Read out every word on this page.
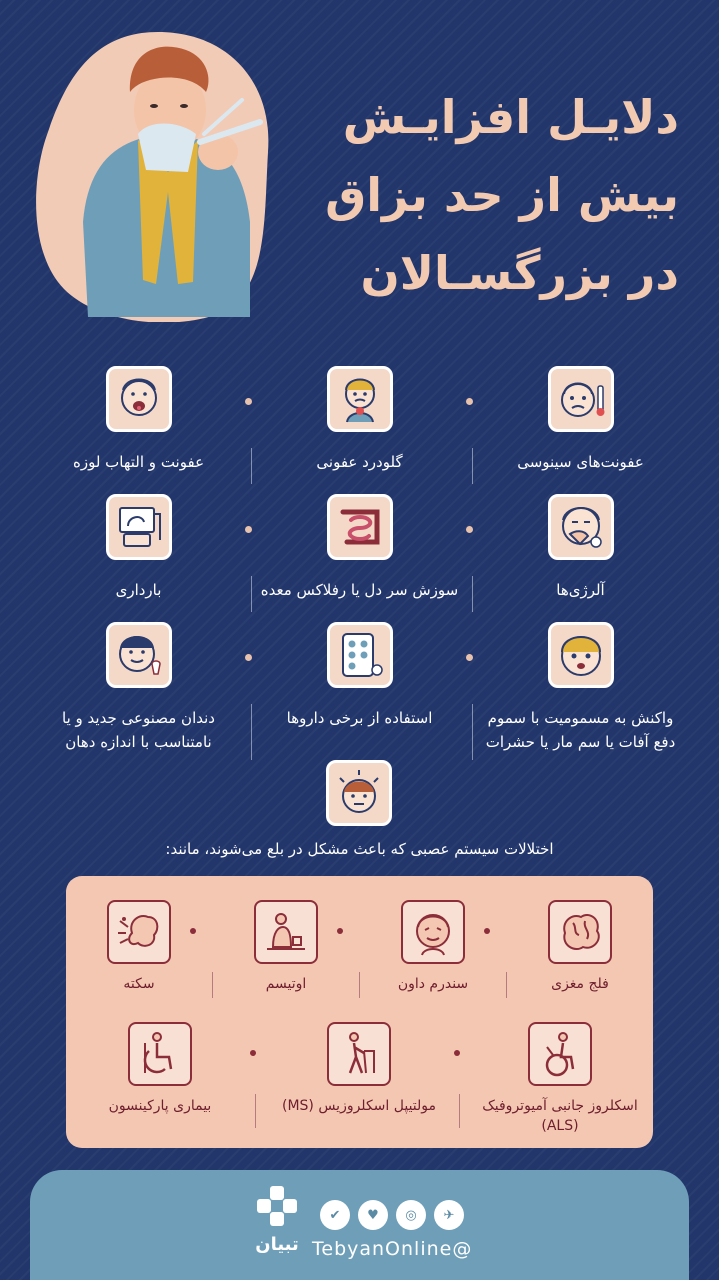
دلایـل افزایـش
بیش از حد بزاق
در بزرگسـالان
عفونت‌های سینوسی
گلودرد عفونی
عفونت و التهاب لوزه
آلرژی‌ها
سوزش سر دل یا رفلاکس معده
بارداری
واکنش به مسمومیت با سموم دفع آفات یا سم مار یا حشرات
استفاده از برخی داروها
دندان مصنوعی جدید و یا نامتناسب با اندازه دهان
اختلالات سیستم عصبی که باعث مشکل در بلع می‌شوند، مانند:
فلج مغزی
سندرم داون
اوتیسم
سکته
اسکلروز جانبی آمیوتروفیک (ALS)
مولتیپل اسکلروزیس (MS)
بیماری پارکینسون
✈
◎
♥
✔
@TebyanOnline
تبیان
